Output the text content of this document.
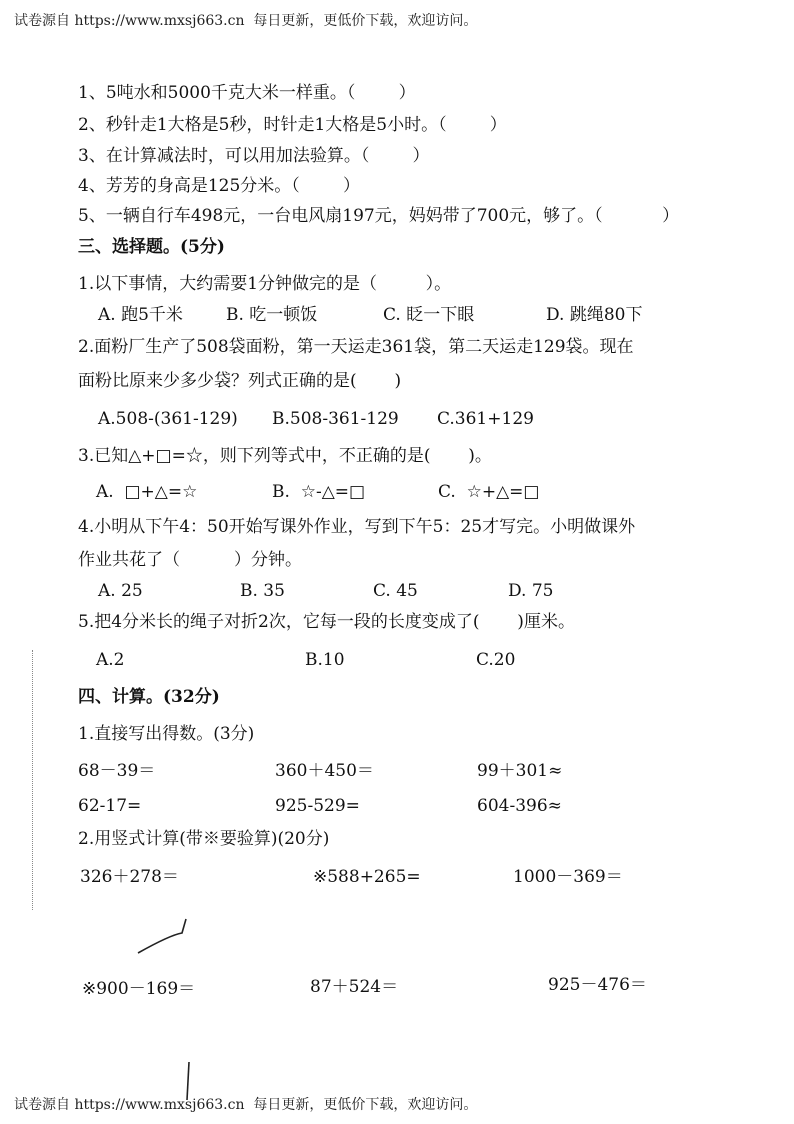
试卷源自 https://www.mxsj663.cn  每日更新，更低价下载，欢迎访问。
1、5吨水和5000千克大米一样重。（        ）
2、秒针走1大格是5秒，时针走1大格是5小时。（        ）
3、在计算减法时，可以用加法验算。（        ）
4、芳芳的身高是125分米。（        ）
5、一辆自行车498元，一台电风扇197元，妈妈带了700元，够了。（           ）
三、选择题。(5分)
1.以下事情，大约需要1分钟做完的是（         ）。
A. 跑5千米	B. 吃一顿饭	C. 眨一下眼	D. 跳绳80下
2.面粉厂生产了508袋面粉，第一天运走361袋，第二天运走129袋。现在
面粉比原来少多少袋？列式正确的是(       )
A.508-(361-129) B.508-361-129 C.361+129
3.已知△+□=☆，则下列等式中，不正确的是(       )。
A.  □+△=☆	B.  ☆-△=□	C.  ☆+△=□
4.小明从下午4：50开始写课外作业，写到下午5：25才写完。小明做课外
作业共花了（          ）分钟。
A. 25	B. 35	C. 45	D. 75
5.把4分米长的绳子对折2次，它每一段的长度变成了(       )厘米。
A.2	B.10	C.20
四、计算。(32分)
1.直接写出得数。(3分)
68－39＝	360＋450＝	99＋301≈
62-17=	925-529=	604-396≈
2.用竖式计算(带※要验算)(20分)
326＋278＝	※588+265=	1000－369＝
※900－169＝	87＋524＝	925－476＝
试卷源自 https://www.mxsj663.cn  每日更新，更低价下载，欢迎访问。
